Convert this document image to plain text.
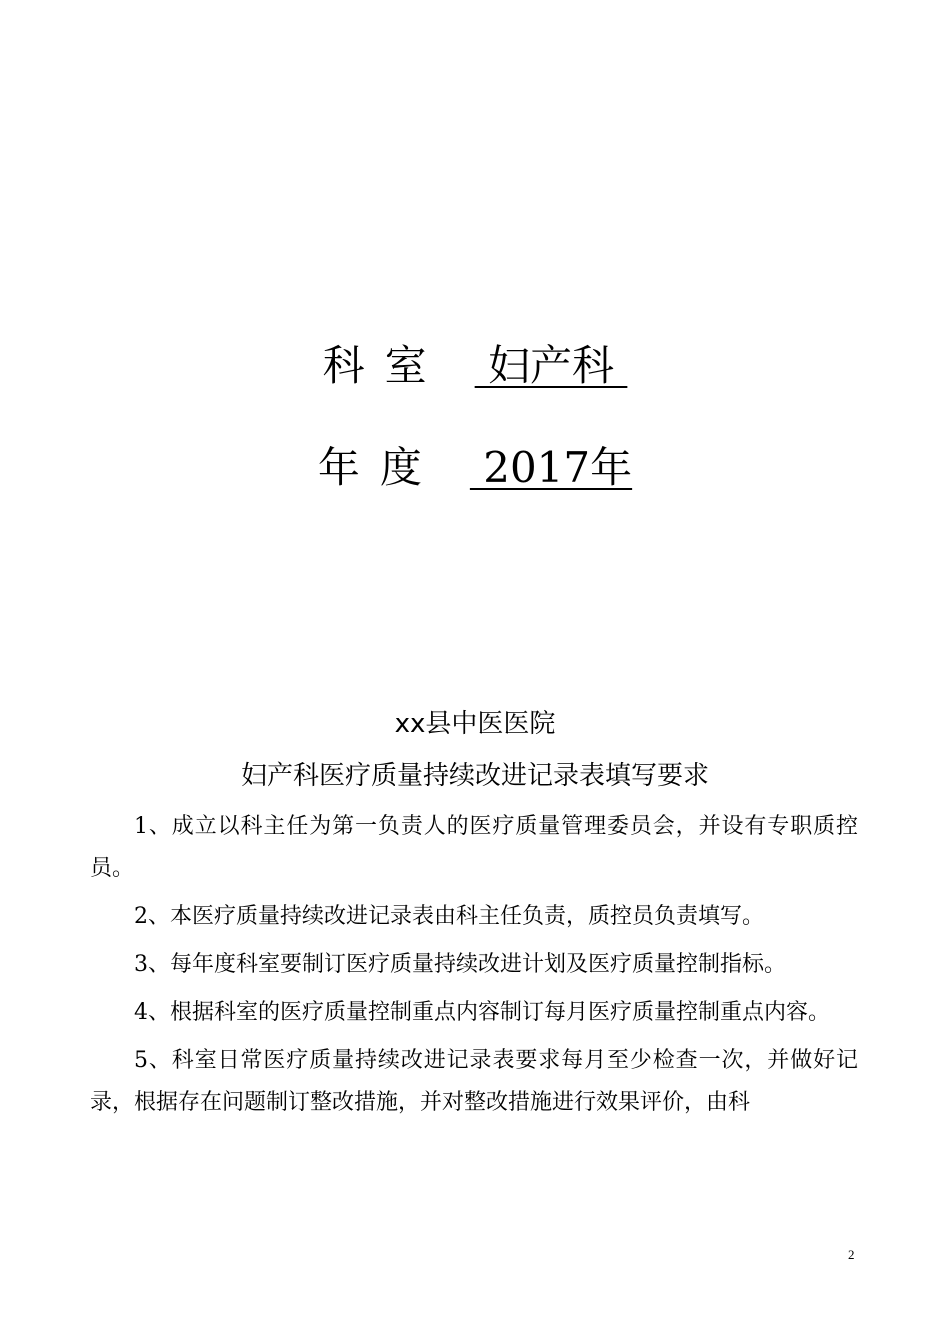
科室 妇产科
年度 2017年
xx县中医医院
妇产科医疗质量持续改进记录表填写要求

1、成立以科主任为第一负责人的医疗质量管理委员会，并设有专职质控员。

2、本医疗质量持续改进记录表由科主任负责，质控员负责填写。

3、每年度科室要制订医疗质量持续改进计划及医疗质量控制指标。

4、根据科室的医疗质量控制重点内容制订每月医疗质量控制重点内容。

5、科室日常医疗质量持续改进记录表要求每月至少检查一次，并做好记录，根据存在问题制订整改措施，并对整改措施进行效果评价，由科

2
